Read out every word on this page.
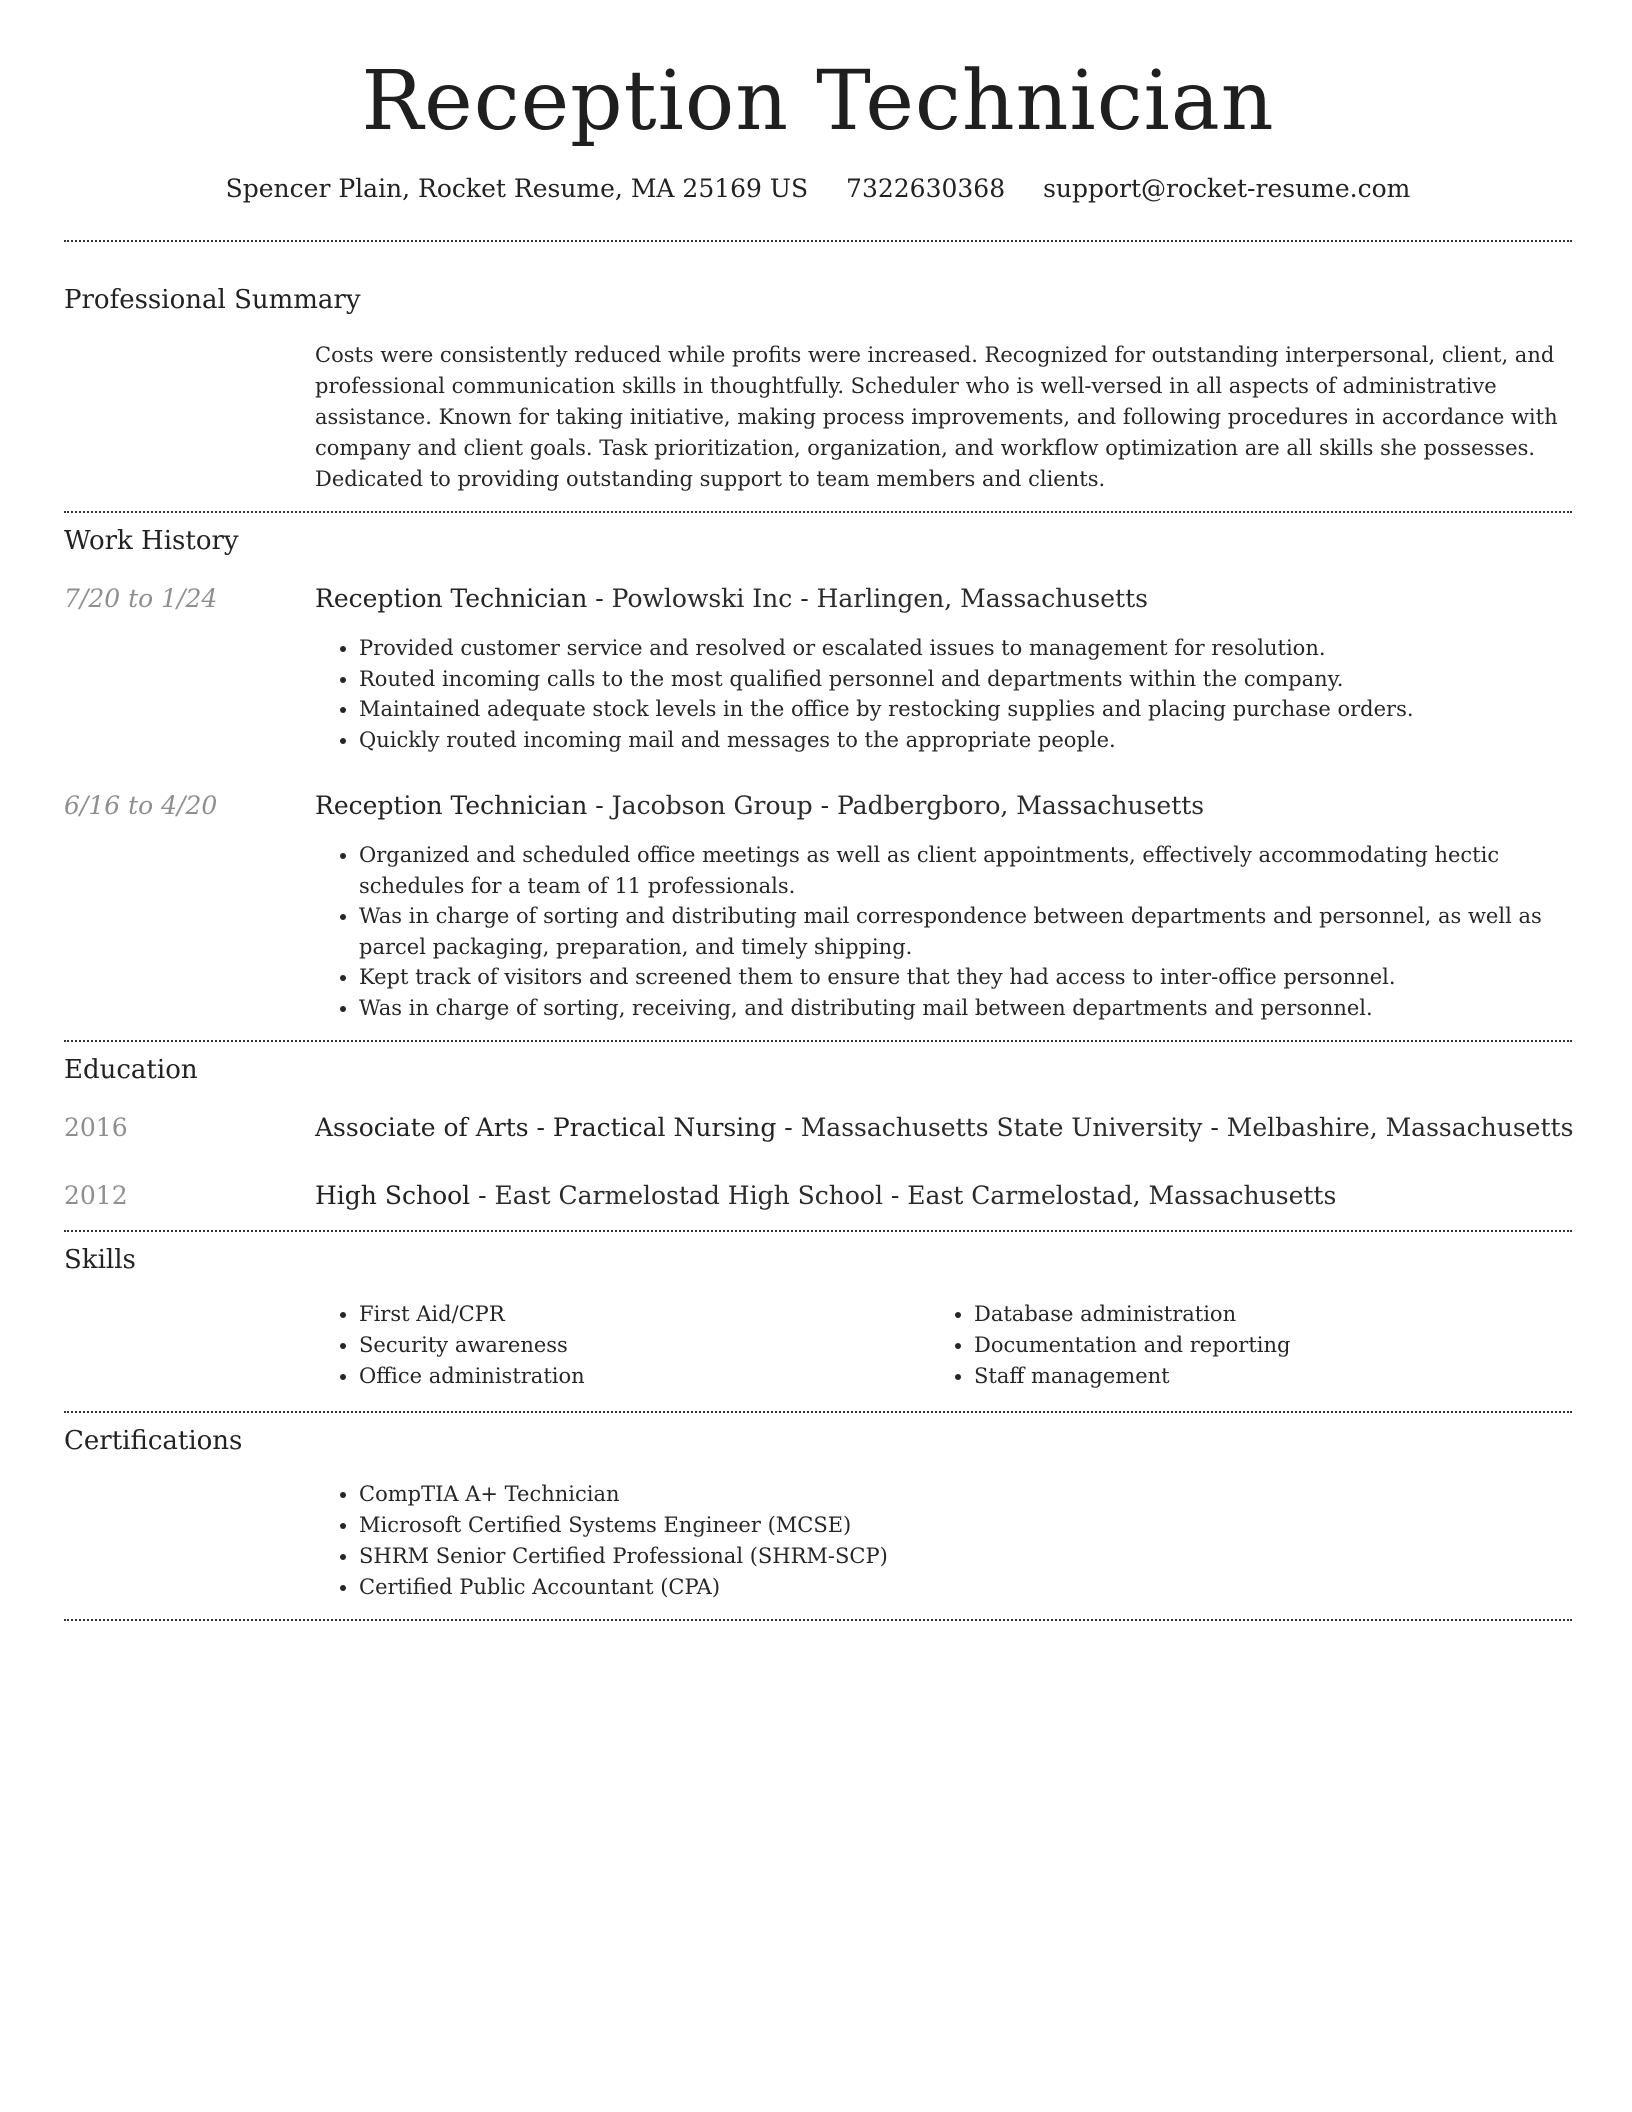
Reception Technician
Spencer Plain, Rocket Resume, MA 25169 US 7322630368 support@rocket-resume.com
Professional Summary
Costs were consistently reduced while profits were increased. Recognized for outstanding interpersonal, client, and professional communication skills in thoughtfully. Scheduler who is well-versed in all aspects of administrative assistance. Known for taking initiative, making process improvements, and following procedures in accordance with company and client goals. Task prioritization, organization, and workflow optimization are all skills she possesses. Dedicated to providing outstanding support to team members and clients.
Work History
7/20 to 1/24	Reception Technician - Powlowski Inc - Harlingen, Massachusetts
• Provided customer service and resolved or escalated issues to management for resolution.
• Routed incoming calls to the most qualified personnel and departments within the company.
• Maintained adequate stock levels in the office by restocking supplies and placing purchase orders.
• Quickly routed incoming mail and messages to the appropriate people.
6/16 to 4/20	Reception Technician - Jacobson Group - Padbergboro, Massachusetts
• Organized and scheduled office meetings as well as client appointments, effectively accommodating hectic schedules for a team of 11 professionals.
• Was in charge of sorting and distributing mail correspondence between departments and personnel, as well as parcel packaging, preparation, and timely shipping.
• Kept track of visitors and screened them to ensure that they had access to inter-office personnel.
• Was in charge of sorting, receiving, and distributing mail between departments and personnel.
Education
2016	Associate of Arts - Practical Nursing - Massachusetts State University - Melbashire, Massachusetts
2012	High School - East Carmelostad High School - East Carmelostad, Massachusetts
Skills
• First Aid/CPR
• Security awareness
• Office administration
• Database administration
• Documentation and reporting
• Staff management
Certifications
• CompTIA A+ Technician
• Microsoft Certified Systems Engineer (MCSE)
• SHRM Senior Certified Professional (SHRM-SCP)
• Certified Public Accountant (CPA)
